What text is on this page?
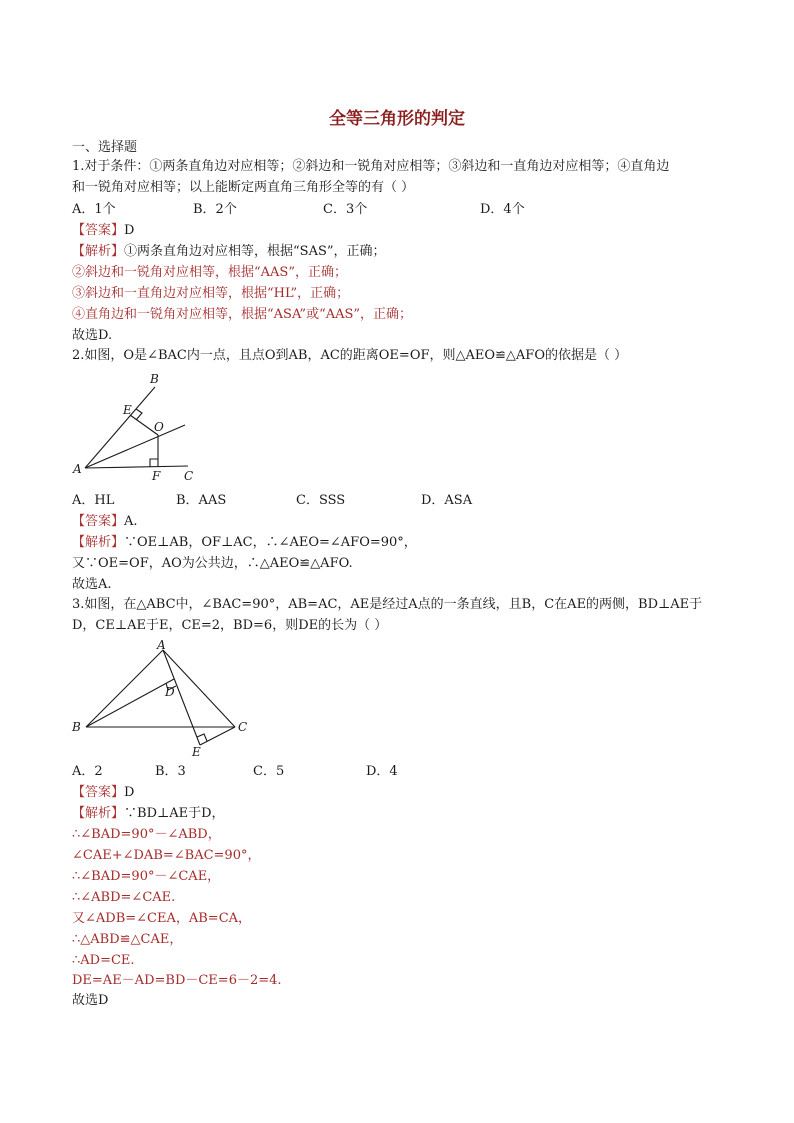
全等三角形的判定
一、选择题
1.对于条件：①两条直角边对应相等；②斜边和一锐角对应相等；③斜边和一直角边对应相等；④直角边
和一锐角对应相等；以上能断定两直角三角形全等的有（ ）
A．1个	B．2个	C．3个	D．4个
【答案】D
【解析】①两条直角边对应相等，根据“SAS”，正确；
②斜边和一锐角对应相等，根据“AAS”，正确；
③斜边和一直角边对应相等，根据“HL”，正确；
④直角边和一锐角对应相等，根据“ASA”或“AAS”，正确；
故选D.
2.如图，O是∠BAC内一点，且点O到AB，AC的距离OE=OF，则△AEO≌△AFO的依据是（ ）
B
E
O
A	F C
A．HL	B．AAS	C．SSS	D．ASA
【答案】A.
【解析】∵OE⊥AB，OF⊥AC，∴∠AEO=∠AFO=90°，
又∵OE=OF，AO为公共边，∴△AEO≌△AFO.
故选A.
3.如图，在△ABC中，∠BAC=90°，AB=AC，AE是经过A点的一条直线，且B，C在AE的两侧，BD⊥AE于
D，CE⊥AE于E，CE=2，BD=6，则DE的长为（ ）
A
D
B	C
E
A．2	B．3	C．5	D．4
【答案】D
【解析】∵BD⊥AE于D，
∴∠BAD=90°－∠ABD，
∠CAE+∠DAB=∠BAC=90°，
∴∠BAD=90°－∠CAE，
∴∠ABD=∠CAE.
又∠ADB=∠CEA，AB=CA，
∴△ABD≌△CAE，
∴AD=CE.
DE=AE－AD=BD－CE=6－2=4.
故选D
